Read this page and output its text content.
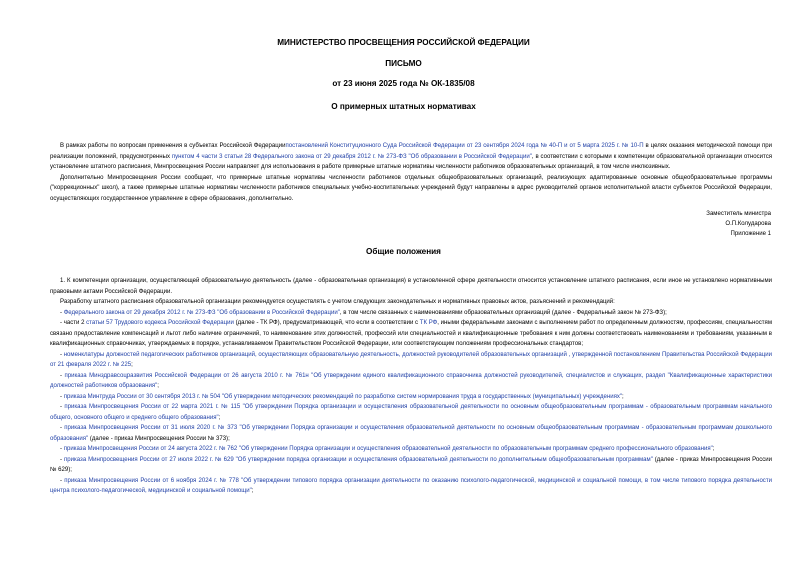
МИНИСТЕРСТВО ПРОСВЕЩЕНИЯ РОССИЙСКОЙ ФЕДЕРАЦИИ
ПИСЬМО
от 23 июня 2025 года № ОК-1835/08
О примерных штатных нормативах

В рамках работы по вопросам применения в субъектах Российской Федерациипостановлений Конституционного Суда Российской Федерации от 23 сентября 2024 года № 40-П и от 5 марта 2025 г. № 10-П в целях оказания методической помощи при реализации положений, предусмотренных пунктом 4 части 3 статьи 28 Федерального закона от 29 декабря 2012 г. № 273-ФЗ "Об образовании в Российской Федерации", в соответствии с которыми к компетенции образовательной организации относится установление штатного расписания, Минпросвещения России направляет для использования в работе примерные штатные нормативы численности работников образовательных организаций, в том числе инклюзивных.

Дополнительно Минпросвещения России сообщает, что примерные штатные нормативы численности работников отдельных общеобразовательных организаций, реализующих адаптированные основные общеобразовательные программы ("коррекционных" школ), а также примерные штатные нормативы численности работников специальных учебно-воспитательных учреждений будут направлены в адрес руководителей органов исполнительной власти субъектов Российской Федерации, осуществляющих государственное управление в сфере образования, дополнительно.

Заместитель министра
О.П.Колударова
Приложение 1
Общие положения

1. К компетенции организации, осуществляющей образовательную деятельность (далее - образовательная организация) в установленной сфере деятельности относится установление штатного расписания, если иное не установлено нормативными правовыми актами Российской Федерации.

Разработку штатного расписания образовательной организации рекомендуется осуществлять с учетом следующих законодательных и нормативных правовых актов, разъяснений и рекомендаций:

- Федерального закона от 29 декабря 2012 г. № 273-ФЗ "Об образовании в Российской Федерации", в том числе связанных с наименованиями образовательных организаций (далее - Федеральный закон № 273-ФЗ);

- части 2 статьи 57 Трудового кодекса Российской Федерации (далее - ТК РФ), предусматривающей, что если в соответствии с ТК РФ, иными федеральными законами с выполнением работ по определенным должностям, профессиям, специальностям связано предоставление компенсаций и льгот либо наличие ограничений, то наименование этих должностей, профессий или специальностей и квалификационные требования к ним должны соответствовать наименованиям и требованиям, указанным в квалификационных справочниках, утверждаемых в порядке, устанавливаемом Правительством Российской Федерации, или соответствующим положениям профессиональных стандартов;

- номенклатуры должностей педагогических работников организаций, осуществляющих образовательную деятельность, должностей руководителей образовательных организаций , утвержденной постановлением Правительства Российской Федерации от 21 февраля 2022 г. № 225;

- приказа Минздравсоцразвития Российской Федерации от 26 августа 2010 г. № 761н "Об утверждении единого квалификационного справочника должностей руководителей, специалистов и служащих, раздел "Квалификационные характеристики должностей работников образования";

- приказа Минтруда России от 30 сентября 2013 г. № 504 "Об утверждении методических рекомендаций по разработке систем нормирования труда в государственных (муниципальных) учреждениях";

- приказа Минпросвещения России от 22 марта 2021 г. № 115 "Об утверждении Порядка организации и осуществления образовательной деятельности по основным общеобразовательным программам - образовательным программам начального общего, основного общего и среднего общего образования";

- приказа Минпросвещения России от 31 июля 2020 г. № 373 "Об утверждении Порядка организации и осуществления образовательной деятельности по основным общеобразовательным программам - образовательным программам дошкольного образования" (далее - приказ Минпросвещения России № 373);

- приказа Минпросвещения России от 24 августа 2022 г. № 762 "Об утверждении Порядка организации и осуществления образовательной деятельности по образовательным программам среднего профессионального образования";

- приказа Минпросвещения России от 27 июля 2022 г. № 629 "Об утверждении порядка организации и осуществления образовательной деятельности по дополнительным общеобразовательным программам" (далее - приказ Минпросвещения России № 629);

- приказа Минпросвещения России от 6 ноября 2024 г. № 778 "Об утверждении типового порядка организации деятельности по оказанию психолого-педагогической, медицинской и социальной помощи, в том числе типового порядка деятельности центра психолого-педагогической, медицинской и социальной помощи";
